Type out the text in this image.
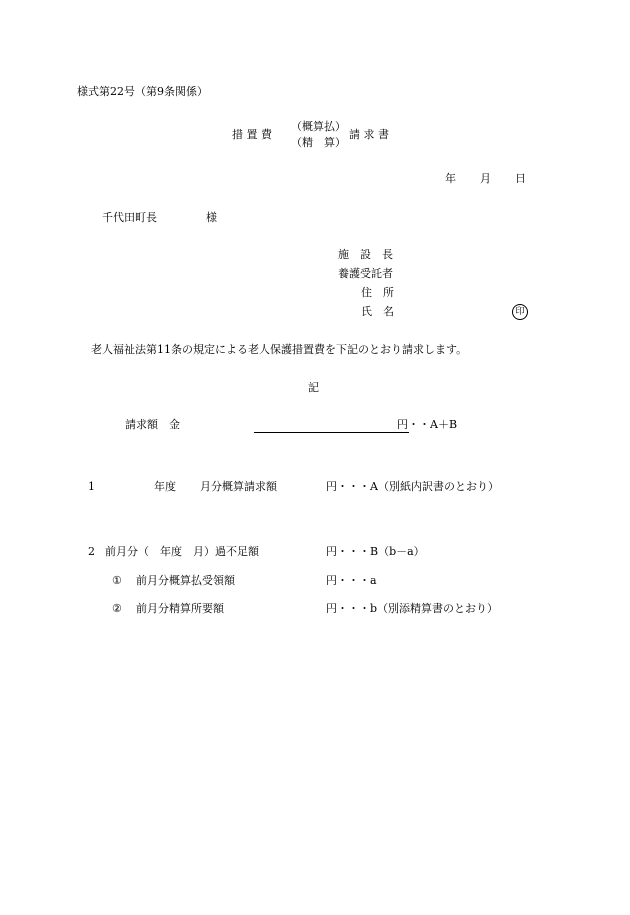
様式第22号（第9条関係）
措 置 費
（概算払）
（精　算）
請 求 書
年 月 日
千代田町長	様
施　設　長
養護受託者
住　所
氏　名	印
老人福祉法第11条の規定による老人保護措置費を下記のとおり請求します。
記
請求額　金	円・・A＋B
1	年度 月分概算請求額	円・・・A（別紙内訳書のとおり）
2 前月分（　年度　月）過不足額	円・・・B（b－a）
① 前月分概算払受領額	円・・・a
② 前月分精算所要額	円・・・b（別添精算書のとおり）
